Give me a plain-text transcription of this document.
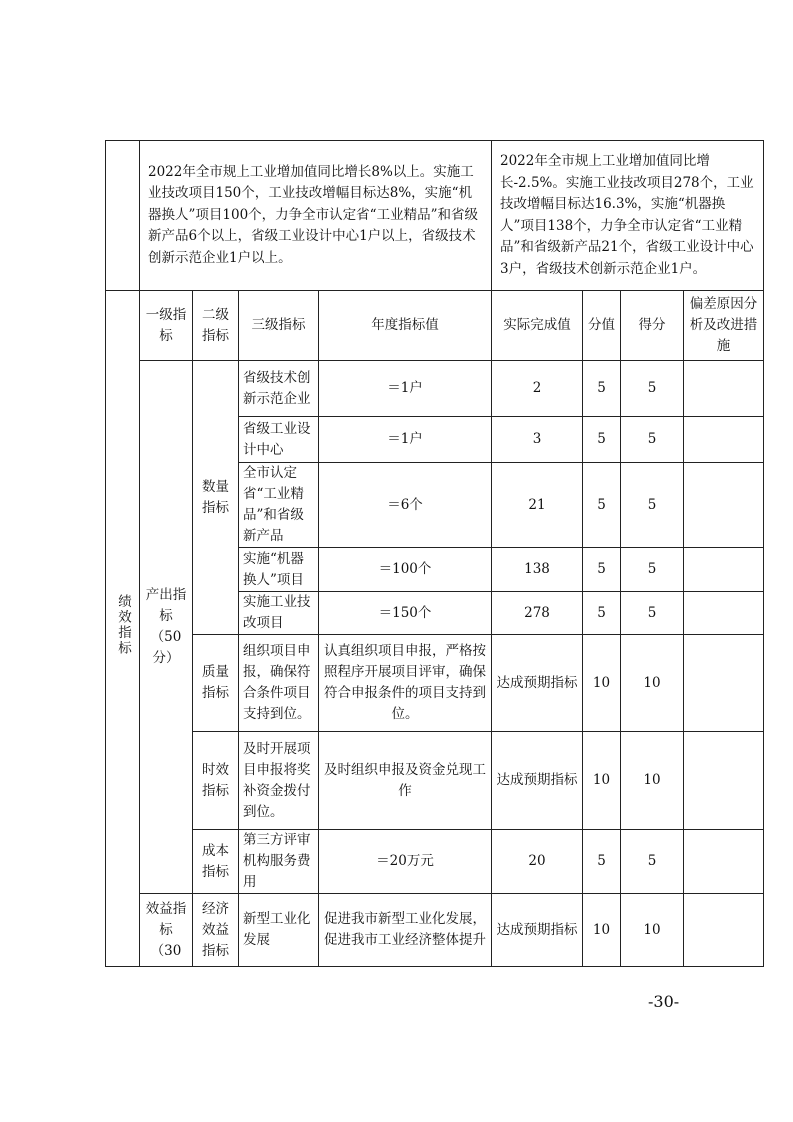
	2022年全市规上工业增加值同比增长8%以上。实施工业技改项目150个，工业技改增幅目标达8%，实施“机器换人”项目100个，力争全市认定省“工业精品”和省级新产品6个以上，省级工业设计中心1户以上，省级技术创新示范企业1户以上。				2022年全市规上工业增加值同比增长-2.5%。实施工业技改项目278个，工业技改增幅目标达16.3%，实施“机器换人”项目138个，力争全市认定省“工业精品”和省级新产品21个，省级工业设计中心3户，省级技术创新示范企业1户。			
绩效指标	一级指标	二级指标	三级指标	年度指标值	实际完成值	分值	得分	偏差原因分析及改进措施
	产出指标（50分）	数量指标	省级技术创新示范企业	＝1户	2	5	5	
			省级工业设计中心	＝1户	3	5	5	
			全市认定省“工业精品”和省级新产品	＝6个	21	5	5	
			实施“机器换人”项目	＝100个	138	5	5	
			实施工业技改项目	＝150个	278	5	5	
		质量指标	组织项目申报，确保符合条件项目支持到位。	认真组织项目申报，严格按照程序开展项目评审，确保符合申报条件的项目支持到位。	达成预期指标	10	10	
		时效指标	及时开展项目申报将奖补资金拨付到位。	及时组织申报及资金兑现工作	达成预期指标	10	10	
		成本指标	第三方评审机构服务费用	＝20万元	20	5	5	
	效益指标（30	经济效益指标	新型工业化发展	促进我市新型工业化发展，促进我市工业经济整体提升	达成预期指标	10	10	
-30-
